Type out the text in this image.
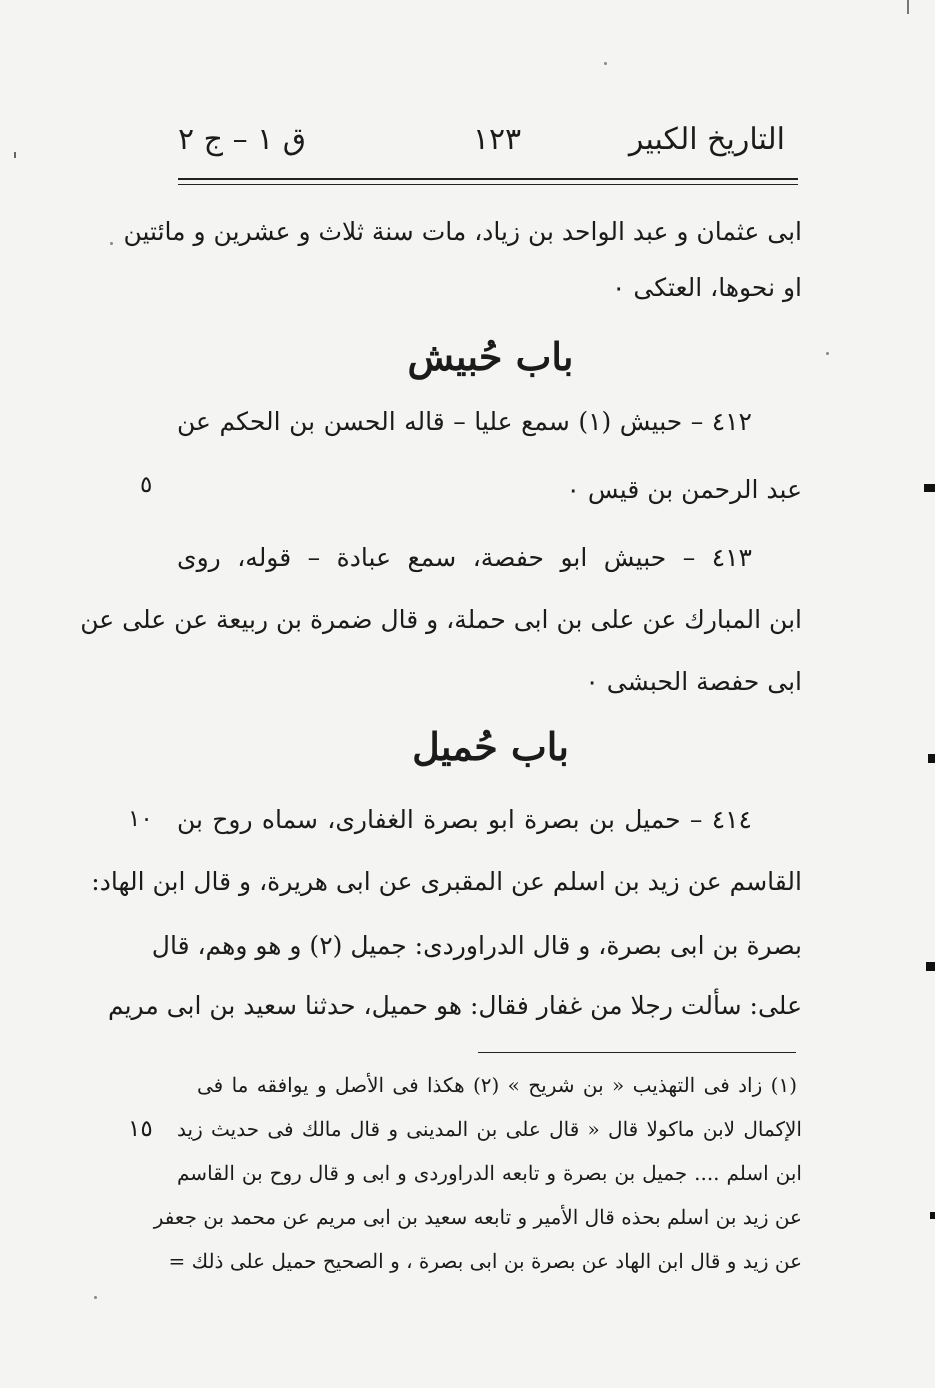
التاريخ الكبير
١٢٣
ق ١ – ج ٢
ابى عثمان و عبد الواحد بن زياد، مات سنة ثلاث و عشرين و مائتين
او نحوها، العتكى ٠
باب حُبيش
٤١٢ – حبيش (١) سمع عليا – قاله الحسن بن الحكم عن
عبد الرحمن بن قيس ٠
٥
٤١٣ – حبيش ابو حفصة، سمع عبادة – قوله، روى
ابن المبارك عن على بن ابى حملة، و قال ضمرة بن ربيعة عن على عن
ابى حفصة الحبشى ٠
باب حُميل
٤١٤ – حميل بن بصرة ابو بصرة الغفارى، سماه روح بن
١٠
القاسم عن زيد بن اسلم عن المقبرى عن ابى هريرة، و قال ابن الهاد:
بصرة بن ابى بصرة، و قال الدراوردى: جميل (٢) و هو وهم، قال
على: سألت رجلا من غفار فقال: هو حميل، حدثنا سعيد بن ابى مريم
(١) زاد فى التهذيب « بن شريح » (٢) هكذا فى الأصل و يوافقه ما فى
الإكمال لابن ماكولا قال « قال على بن المدينى و قال مالك فى حديث زيد
١٥
ابن اسلم .... جميل بن بصرة و تابعه الدراوردى و ابى و قال روح بن القاسم
عن زيد بن اسلم بحذه قال الأمير و تابعه سعيد بن ابى مريم عن محمد بن جعفر
عن زيد و قال ابن الهاد عن بصرة بن ابى بصرة ، و الصحيح حميل على ذلك =
